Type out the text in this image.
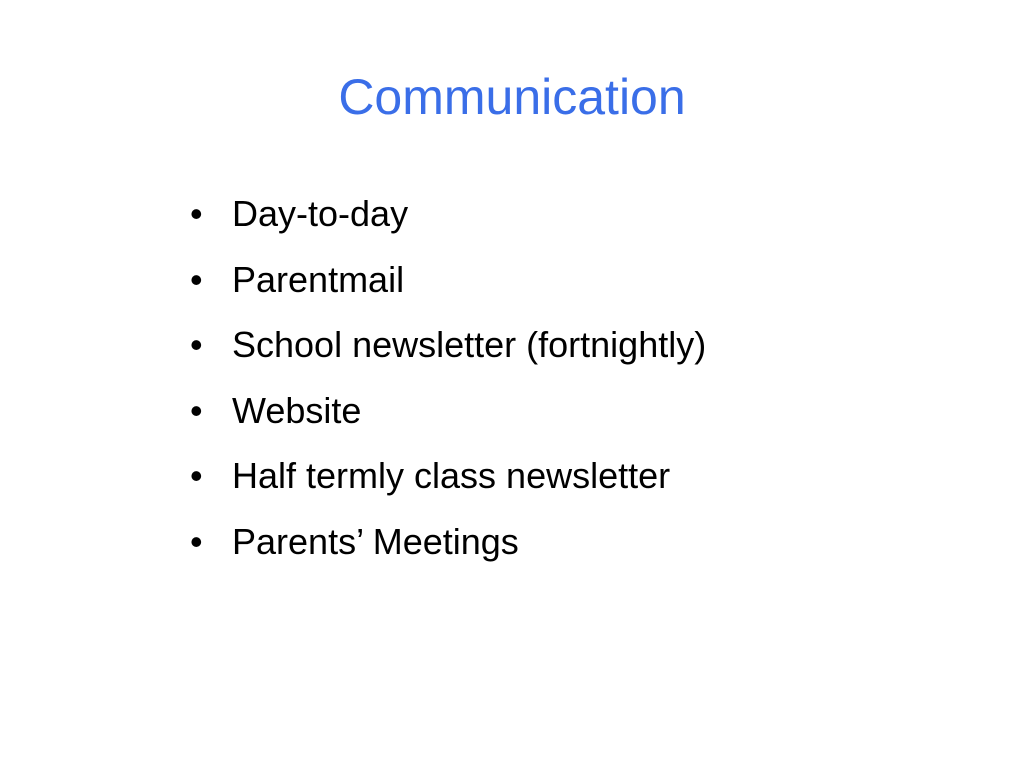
Communication
• Day-to-day
• Parentmail
• School newsletter (fortnightly)
• Website
• Half termly class newsletter
• Parents’ Meetings
